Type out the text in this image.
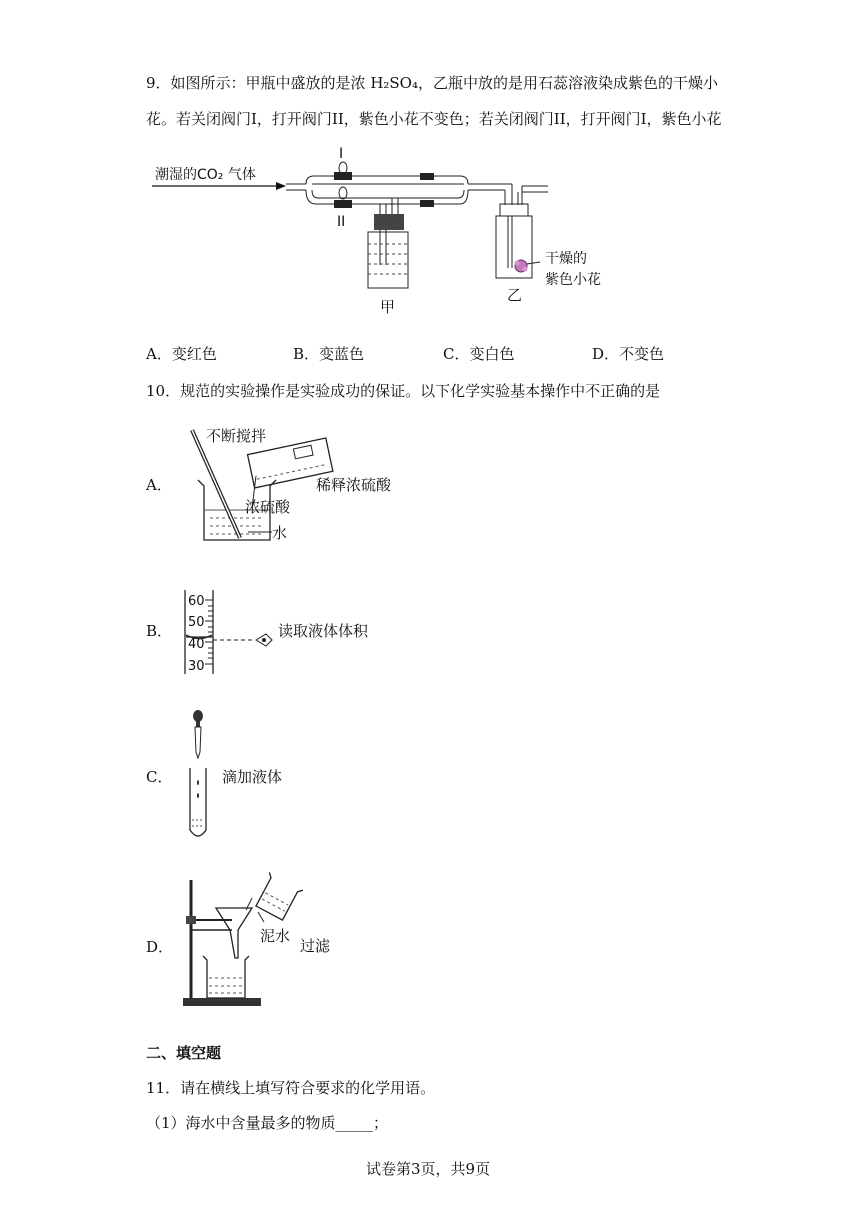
9．如图所示：甲瓶中盛放的是浓 H₂SO₄，乙瓶中放的是用石蕊溶液染成紫色的干燥小
花。若关闭阀门I，打开阀门II，紫色小花不变色；若关闭阀门II，打开阀门I，紫色小花
潮湿的CO₂ 气体
I
II
甲
乙
干燥的
紫色小花
A．变红色	B．变蓝色	C．变白色	D．不变色
10．规范的实验操作是实验成功的保证。以下化学实验基本操作中不正确的是
A．
不断搅拌
浓硫酸
水
稀释浓硫酸
B．
60
50
40
30
读取液体体积
C．	滴加液体
D．
泥水
过滤
二、填空题
11．请在横线上填写符合要求的化学用语。
（1）海水中含量最多的物质_____；
试卷第3页，共9页
